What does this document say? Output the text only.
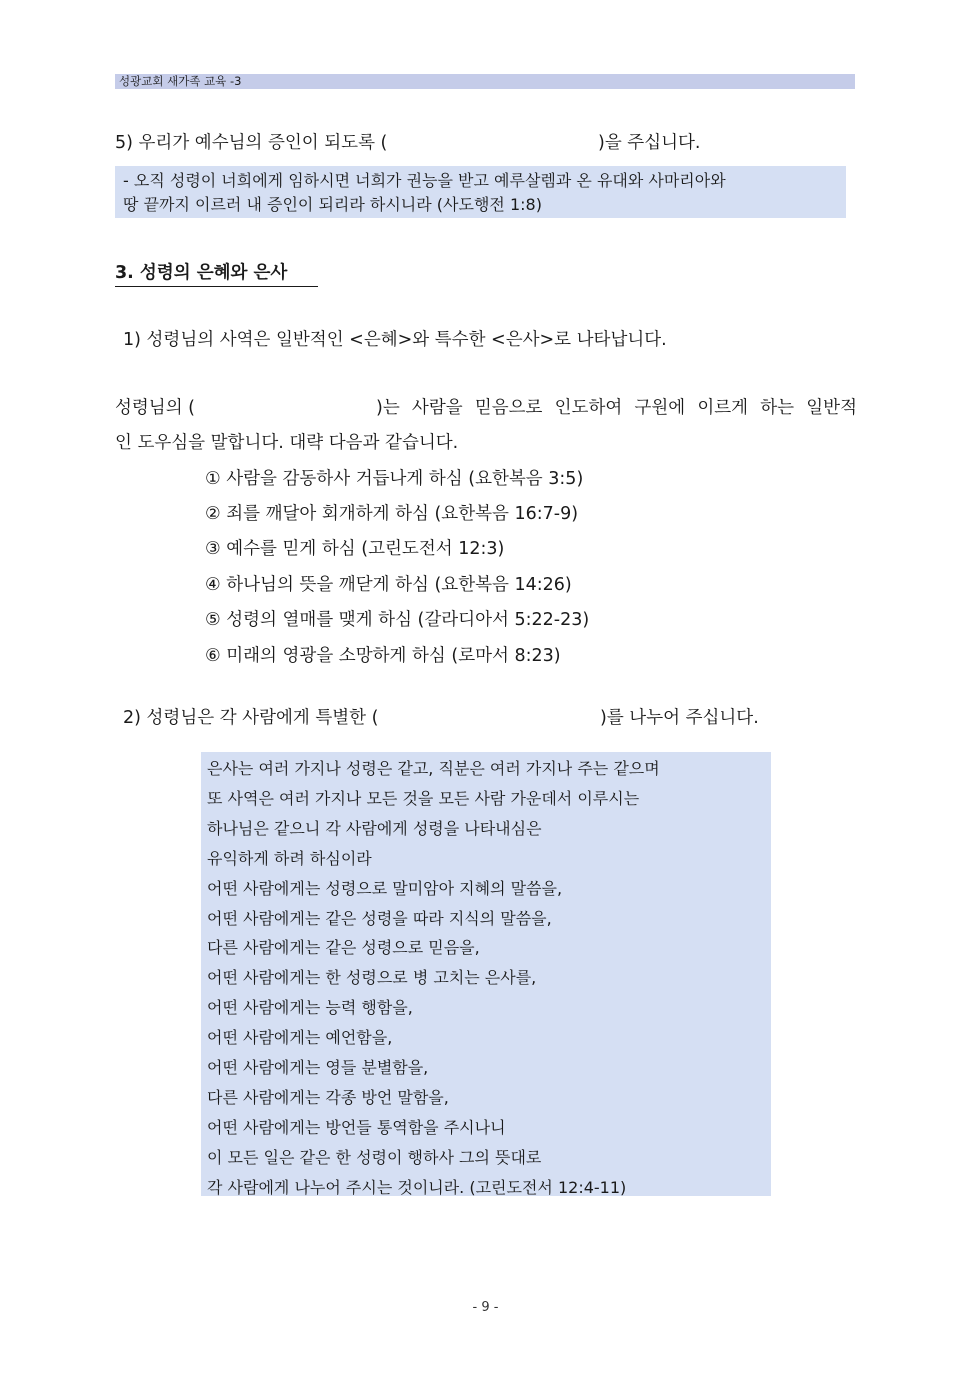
성광교회 새가족 교육 -3
5) 우리가 예수님의 증인이 되도록 (	)을 주십니다.
- 오직 성령이 너희에게 임하시면 너희가 권능을 받고 예루살렘과 온 유대와 사마리아와
땅 끝까지 이르러 내 증인이 되리라 하시니라 (사도행전 1:8)
3. 성령의 은혜와 은사
1) 성령님의 사역은 일반적인 <은혜>와 특수한 <은사>로 나타납니다.
성령님의 (	)는 사람을 믿음으로 인도하여 구원에 이르게 하는 일반적
인 도우심을 말합니다. 대략 다음과 같습니다.
① 사람을 감동하사 거듭나게 하심 (요한복음 3:5)
② 죄를 깨달아 회개하게 하심 (요한복음 16:7-9)
③ 예수를 믿게 하심 (고린도전서 12:3)
④ 하나님의 뜻을 깨닫게 하심 (요한복음 14:26)
⑤ 성령의 열매를 맺게 하심 (갈라디아서 5:22-23)
⑥ 미래의 영광을 소망하게 하심 (로마서 8:23)
2) 성령님은 각 사람에게 특별한 (	)를 나누어 주십니다.
은사는 여러 가지나 성령은 같고, 직분은 여러 가지나 주는 같으며
또 사역은 여러 가지나 모든 것을 모든 사람 가운데서 이루시는
하나님은 같으니 각 사람에게 성령을 나타내심은
유익하게 하려 하심이라
어떤 사람에게는 성령으로 말미암아 지혜의 말씀을,
어떤 사람에게는 같은 성령을 따라 지식의 말씀을,
다른 사람에게는 같은 성령으로 믿음을,
어떤 사람에게는 한 성령으로 병 고치는 은사를,
어떤 사람에게는 능력 행함을,
어떤 사람에게는 예언함을,
어떤 사람에게는 영들 분별함을,
다른 사람에게는 각종 방언 말함을,
어떤 사람에게는 방언들 통역함을 주시나니
이 모든 일은 같은 한 성령이 행하사 그의 뜻대로
각 사람에게 나누어 주시는 것이니라. (고린도전서 12:4-11)
- 9 -
